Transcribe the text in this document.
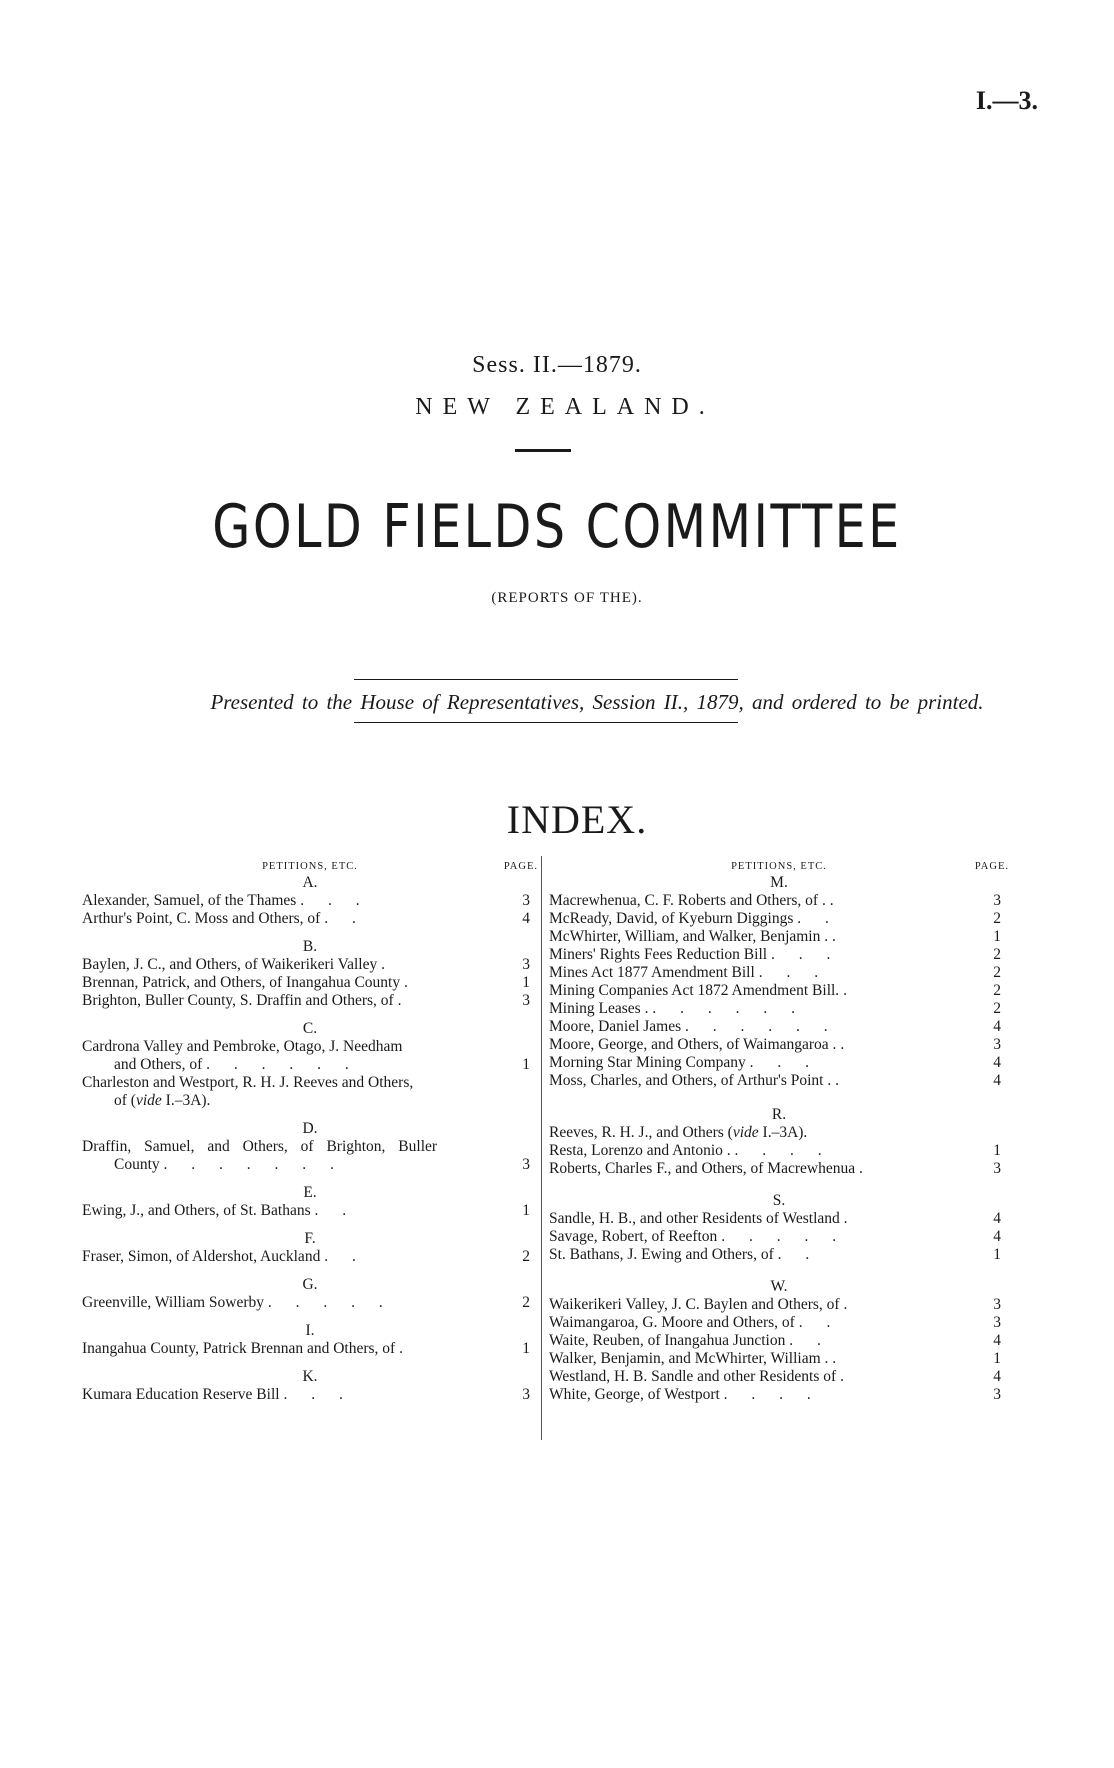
I.—3.
Sess. II.—1879.
NEW ZEALAND.
GOLD FIELDS COMMITTEE
(REPORTS OF THE).
Presented to the House of Representatives, Session II., 1879, and ordered to be printed.
INDEX.
PETITIONS, ETC.	PAGE.
A.
Alexander, Samuel, of the Thames . . .	3
Arthur's Point, C. Moss and Others, of . .	4
B.
Baylen, J. C., and Others, of Waikerikeri Valley .	3
Brennan, Patrick, and Others, of Inangahua County .	1
Brighton, Buller County, S. Draffin and Others, of .	3
C.
Cardrona Valley and Pembroke, Otago, J. Needham
and Others, of . . . . . .	1
Charleston and Westport, R. H. J. Reeves and Others,
of (vide I.–3A).
D.
Draffin, Samuel, and Others, of Brighton, Buller
County . . . . . . .	3
E.
Ewing, J., and Others, of St. Bathans . .	1
F.
Fraser, Simon, of Aldershot, Auckland . .	2
G.
Greenville, William Sowerby . . . . .	2
I.
Inangahua County, Patrick Brennan and Others, of .	1
K.
Kumara Education Reserve Bill . . .	3
PETITIONS, ETC.	PAGE.
M.
Macrewhenua, C. F. Roberts and Others, of . .	3
McReady, David, of Kyeburn Diggings . .	2
McWhirter, William, and Walker, Benjamin . .	1
Miners' Rights Fees Reduction Bill . . .	2
Mines Act 1877 Amendment Bill . . .	2
Mining Companies Act 1872 Amendment Bill. .	2
Mining Leases . . . . . . .	2
Moore, Daniel James . . . . . .	4
Moore, George, and Others, of Waimangaroa . .	3
Morning Star Mining Company . . .	4
Moss, Charles, and Others, of Arthur's Point . .	4
R.
Reeves, R. H. J., and Others (vide I.–3A).
Resta, Lorenzo and Antonio . . . . .	1
Roberts, Charles F., and Others, of Macrewhenua .	3
S.
Sandle, H. B., and other Residents of Westland .	4
Savage, Robert, of Reefton . . . . .	4
St. Bathans, J. Ewing and Others, of . .	1
W.
Waikerikeri Valley, J. C. Baylen and Others, of .	3
Waimangaroa, G. Moore and Others, of . .	3
Waite, Reuben, of Inangahua Junction . .	4
Walker, Benjamin, and McWhirter, William . .	1
Westland, H. B. Sandle and other Residents of .	4
White, George, of Westport . . . .	3
